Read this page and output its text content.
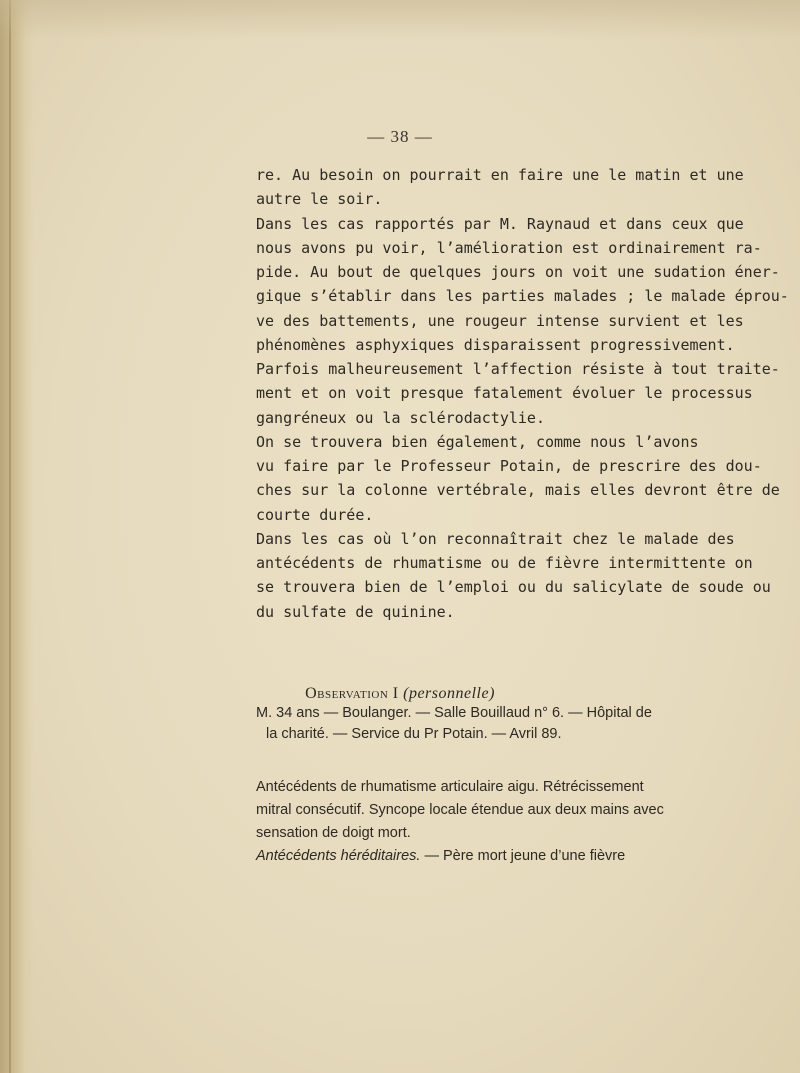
— 38 —
re. Au besoin on pourrait en faire une le matin et une
autre le soir.
Dans les cas rapportés par M. Raynaud et dans ceux que
nous avons pu voir, l’amélioration est ordinairement ra-
pide. Au bout de quelques jours on voit une sudation éner-
gique s’établir dans les parties malades ; le malade éprou-
ve des battements, une rougeur intense survient et les
phénomènes asphyxiques disparaissent progressivement.
Parfois malheureusement l’affection résiste à tout traite-
ment et on voit presque fatalement évoluer le processus
gangréneux ou la sclérodactylie.
On se trouvera bien également, comme nous l’avons
vu faire par le Professeur Potain, de prescrire des dou-
ches sur la colonne vertébrale, mais elles devront être de
courte durée.
Dans les cas où l’on reconnaîtrait chez le malade des
antécédents de rhumatisme ou de fièvre intermittente on
se trouvera bien de l’emploi ou du salicylate de soude ou
du sulfate de quinine.
Observation I (personnelle)
M. 34 ans — Boulanger. — Salle Bouillaud n° 6. — Hôpital de
la charité. — Service du Pr Potain. — Avril 89.
Antécédents de rhumatisme articulaire aigu. Rétrécissement
mitral consécutif. Syncope locale étendue aux deux mains avec
sensation de doigt mort.
Antécédents héréditaires. — Père mort jeune d’une fièvre
